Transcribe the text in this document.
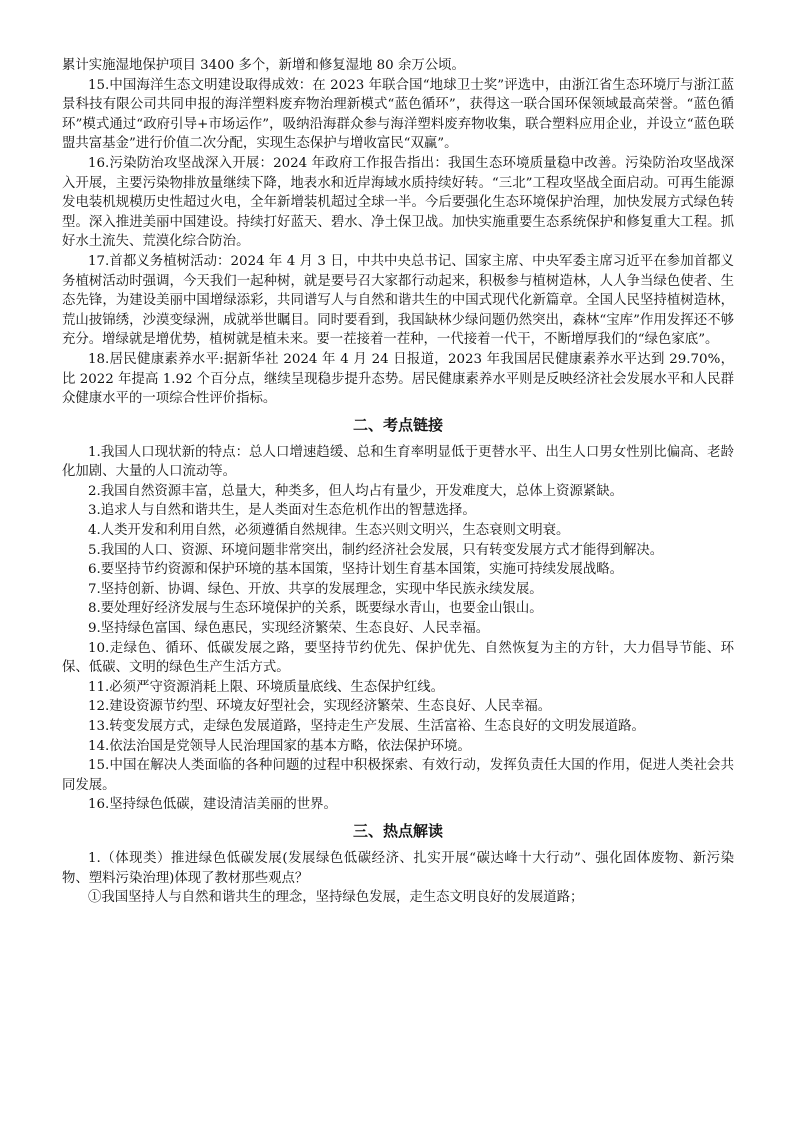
累计实施湿地保护项目 3400 多个，新增和修复湿地 80 余万公顷。

15.中国海洋生态文明建设取得成效：在 2023 年联合国“地球卫士奖”评选中，由浙江省生态环境厅与浙江蓝景科技有限公司共同申报的海洋塑料废弃物治理新模式“蓝色循环”，获得这一联合国环保领域最高荣誉。“蓝色循环”模式通过“政府引导+市场运作”，吸纳沿海群众参与海洋塑料废弃物收集，联合塑料应用企业，并设立“蓝色联盟共富基金”进行价值二次分配，实现生态保护与增收富民“双赢”。

16.污染防治攻坚战深入开展：2024 年政府工作报告指出：我国生态环境质量稳中改善。污染防治攻坚战深入开展，主要污染物排放量继续下降，地表水和近岸海域水质持续好转。“三北”工程攻坚战全面启动。可再生能源发电装机规模历史性超过火电，全年新增装机超过全球一半。今后要强化生态环境保护治理，加快发展方式绿色转型。深入推进美丽中国建设。持续打好蓝天、碧水、净土保卫战。加快实施重要生态系统保护和修复重大工程。抓好水土流失、荒漠化综合防治。

17.首都义务植树活动：2024 年 4 月 3 日，中共中央总书记、国家主席、中央军委主席习近平在参加首都义务植树活动时强调，今天我们一起种树，就是要号召大家都行动起来，积极参与植树造林，人人争当绿色使者、生态先锋，为建设美丽中国增绿添彩，共同谱写人与自然和谐共生的中国式现代化新篇章。全国人民坚持植树造林，荒山披锦绣，沙漠变绿洲，成就举世瞩目。同时要看到，我国缺林少绿问题仍然突出，森林“宝库”作用发挥还不够充分。增绿就是增优势，植树就是植未来。要一茬接着一茬种，一代接着一代干，不断增厚我们的“绿色家底”。

18.居民健康素养水平:据新华社 2024 年 4 月 24 日报道，2023 年我国居民健康素养水平达到 29.70%，比 2022 年提高 1.92 个百分点，继续呈现稳步提升态势。居民健康素养水平则是反映经济社会发展水平和人民群众健康水平的一项综合性评价指标。

二、考点链接

1.我国人口现状新的特点：总人口增速趋缓、总和生育率明显低于更替水平、出生人口男女性别比偏高、老龄化加剧、大量的人口流动等。

2.我国自然资源丰富，总量大，种类多，但人均占有量少，开发难度大，总体上资源紧缺。

3.追求人与自然和谐共生，是人类面对生态危机作出的智慧选择。

4.人类开发和利用自然，必须遵循自然规律。生态兴则文明兴，生态衰则文明衰。

5.我国的人口、资源、环境问题非常突出，制约经济社会发展，只有转变发展方式才能得到解决。

6.要坚持节约资源和保护环境的基本国策，坚持计划生育基本国策，实施可持续发展战略。

7.坚持创新、协调、绿色、开放、共享的发展理念，实现中华民族永续发展。

8.要处理好经济发展与生态环境保护的关系，既要绿水青山，也要金山银山。

9.坚持绿色富国、绿色惠民，实现经济繁荣、生态良好、人民幸福。

10.走绿色、循环、低碳发展之路，要坚持节约优先、保护优先、自然恢复为主的方针，大力倡导节能、环保、低碳、文明的绿色生产生活方式。

11.必须严守资源消耗上限、环境质量底线、生态保护红线。

12.建设资源节约型、环境友好型社会，实现经济繁荣、生态良好、人民幸福。

13.转变发展方式，走绿色发展道路，坚持走生产发展、生活富裕、生态良好的文明发展道路。

14.依法治国是党领导人民治理国家的基本方略，依法保护环境。

15.中国在解决人类面临的各种问题的过程中积极探索、有效行动，发挥负责任大国的作用，促进人类社会共同发展。

16.坚持绿色低碳，建设清洁美丽的世界。

三、热点解读

1.（体现类）推进绿色低碳发展(发展绿色低碳经济、扎实开展“碳达峰十大行动”、强化固体废物、新污染物、塑料污染治理)体现了教材那些观点？

①我国坚持人与自然和谐共生的理念，坚持绿色发展，走生态文明良好的发展道路；
